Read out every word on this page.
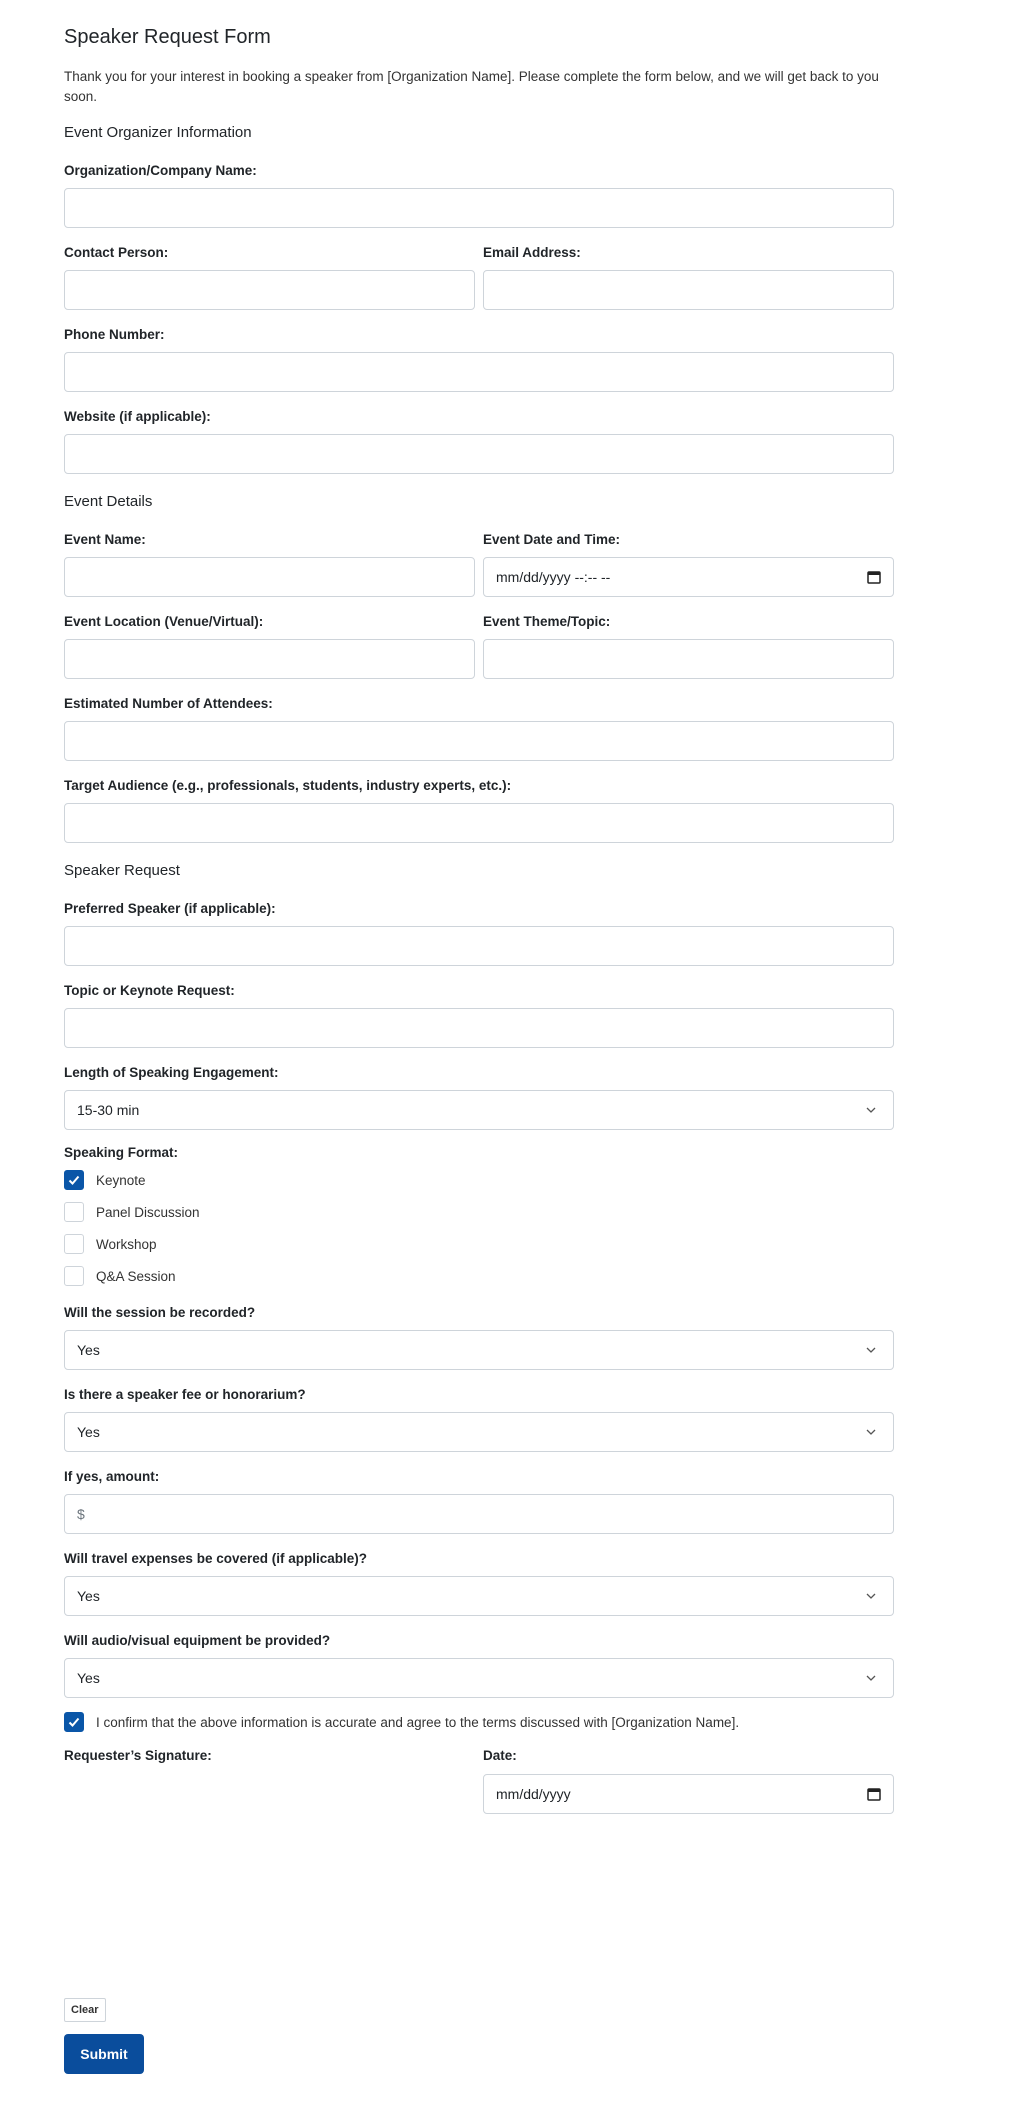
Speaker Request Form
Thank you for your interest in booking a speaker from [Organization Name]. Please complete the form below, and we will get back to you soon.
Event Organizer Information
Organization/Company Name:
Contact Person:	Email Address:
Phone Number:
Website (if applicable):
Event Details
Event Name:	Event Date and Time:
mm/dd/yyyy --:-- --
Event Location (Venue/Virtual):	Event Theme/Topic:
Estimated Number of Attendees:
Target Audience (e.g., professionals, students, industry experts, etc.):
Speaker Request
Preferred Speaker (if applicable):
Topic or Keynote Request:
Length of Speaking Engagement:
15-30 min
Speaking Format:
Keynote
Panel Discussion
Workshop
Q&A Session
Will the session be recorded?
Yes
Is there a speaker fee or honorarium?
Yes
If yes, amount:
$
Will travel expenses be covered (if applicable)?
Yes
Will audio/visual equipment be provided?
Yes
I confirm that the above information is accurate and agree to the terms discussed with [Organization Name].
Requester’s Signature:	Date:
mm/dd/yyyy
Clear
Submit
